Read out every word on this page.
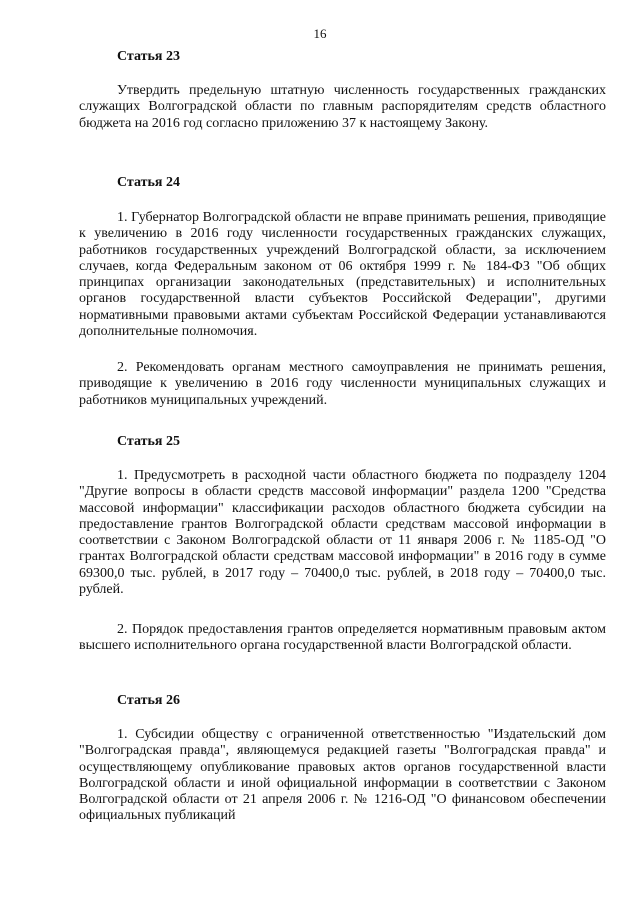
16
Статья 23

Утвердить предельную штатную численность государственных гражданских служащих Волгоградской области по главным распорядителям средств областного бюджета на 2016 год согласно приложению 37 к настоящему Закону.

Статья 24

1. Губернатор Волгоградской области не вправе принимать решения, приводящие к увеличению в 2016 году численности государственных гражданских служащих, работников государственных учреждений Волгоградской области, за исключением случаев, когда Федеральным законом от 06 октября 1999 г. № 184-ФЗ "Об общих принципах организации законодательных (представительных) и исполнительных органов государственной власти субъектов Российской Федерации", другими нормативными правовыми актами субъектам Российской Федерации устанавливаются дополнительные полномочия.

2. Рекомендовать органам местного самоуправления не принимать решения, приводящие к увеличению в 2016 году численности муниципальных служащих и работников муниципальных учреждений.

Статья 25

1. Предусмотреть в расходной части областного бюджета по подразделу 1204 "Другие вопросы в области средств массовой информации" раздела 1200 "Средства массовой информации" классификации расходов областного бюджета субсидии на предоставление грантов Волгоградской области средствам массовой информации в соответствии с Законом Волгоградской области от 11 января 2006 г. № 1185-ОД "О грантах Волгоградской области средствам массовой информации" в 2016 году в сумме 69300,0 тыс. рублей, в 2017 году – 70400,0 тыс. рублей, в 2018 году – 70400,0 тыс. рублей.

2. Порядок предоставления грантов определяется нормативным правовым актом высшего исполнительного органа государственной власти Волгоградской области.

Статья 26

1. Субсидии обществу с ограниченной ответственностью "Издательский дом "Волгоградская правда", являющемуся редакцией газеты "Волгоградская правда" и осуществляющему опубликование правовых актов органов государственной власти Волгоградской области и иной официальной информации в соответствии с Законом Волгоградской области от 21 апреля 2006 г. № 1216-ОД "О финансовом обеспечении официальных публикаций
